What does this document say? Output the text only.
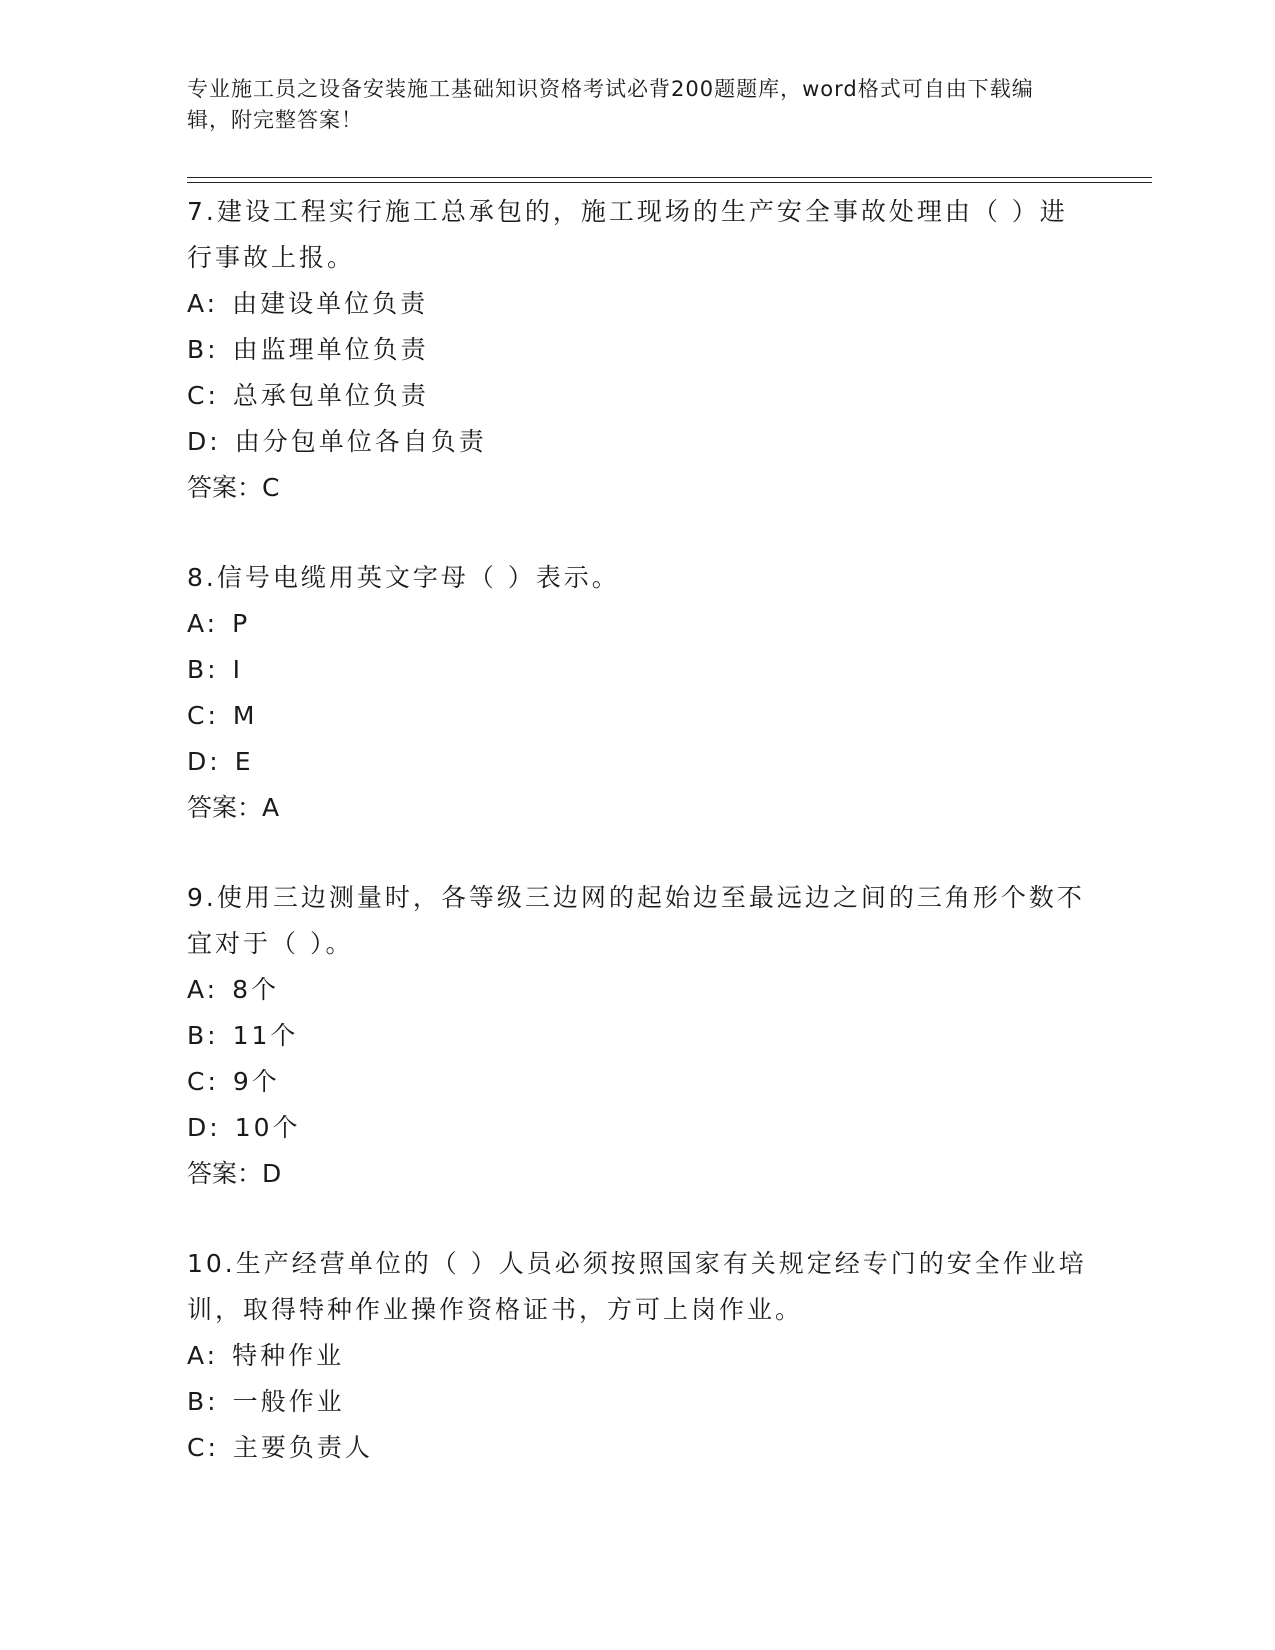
专业施工员之设备安装施工基础知识资格考试必背200题题库，word格式可自由下载编辑，附完整答案！

7.建设工程实行施工总承包的，施工现场的生产安全事故处理由（ ）进行事故上报。

A: 由建设单位负责

B: 由监理单位负责

C: 总承包单位负责

D: 由分包单位各自负责

答案：C

8.信号电缆用英文字母（ ）表示。

A: P

B: I

C: M

D: E

答案：A

9.使用三边测量时，各等级三边网的起始边至最远边之间的三角形个数不宜对于（ ）。

A: 8个

B: 11个

C: 9个

D: 10个

答案：D

10.生产经营单位的（ ）人员必须按照国家有关规定经专门的安全作业培训，取得特种作业操作资格证书，方可上岗作业。

A: 特种作业

B: 一般作业

C: 主要负责人
